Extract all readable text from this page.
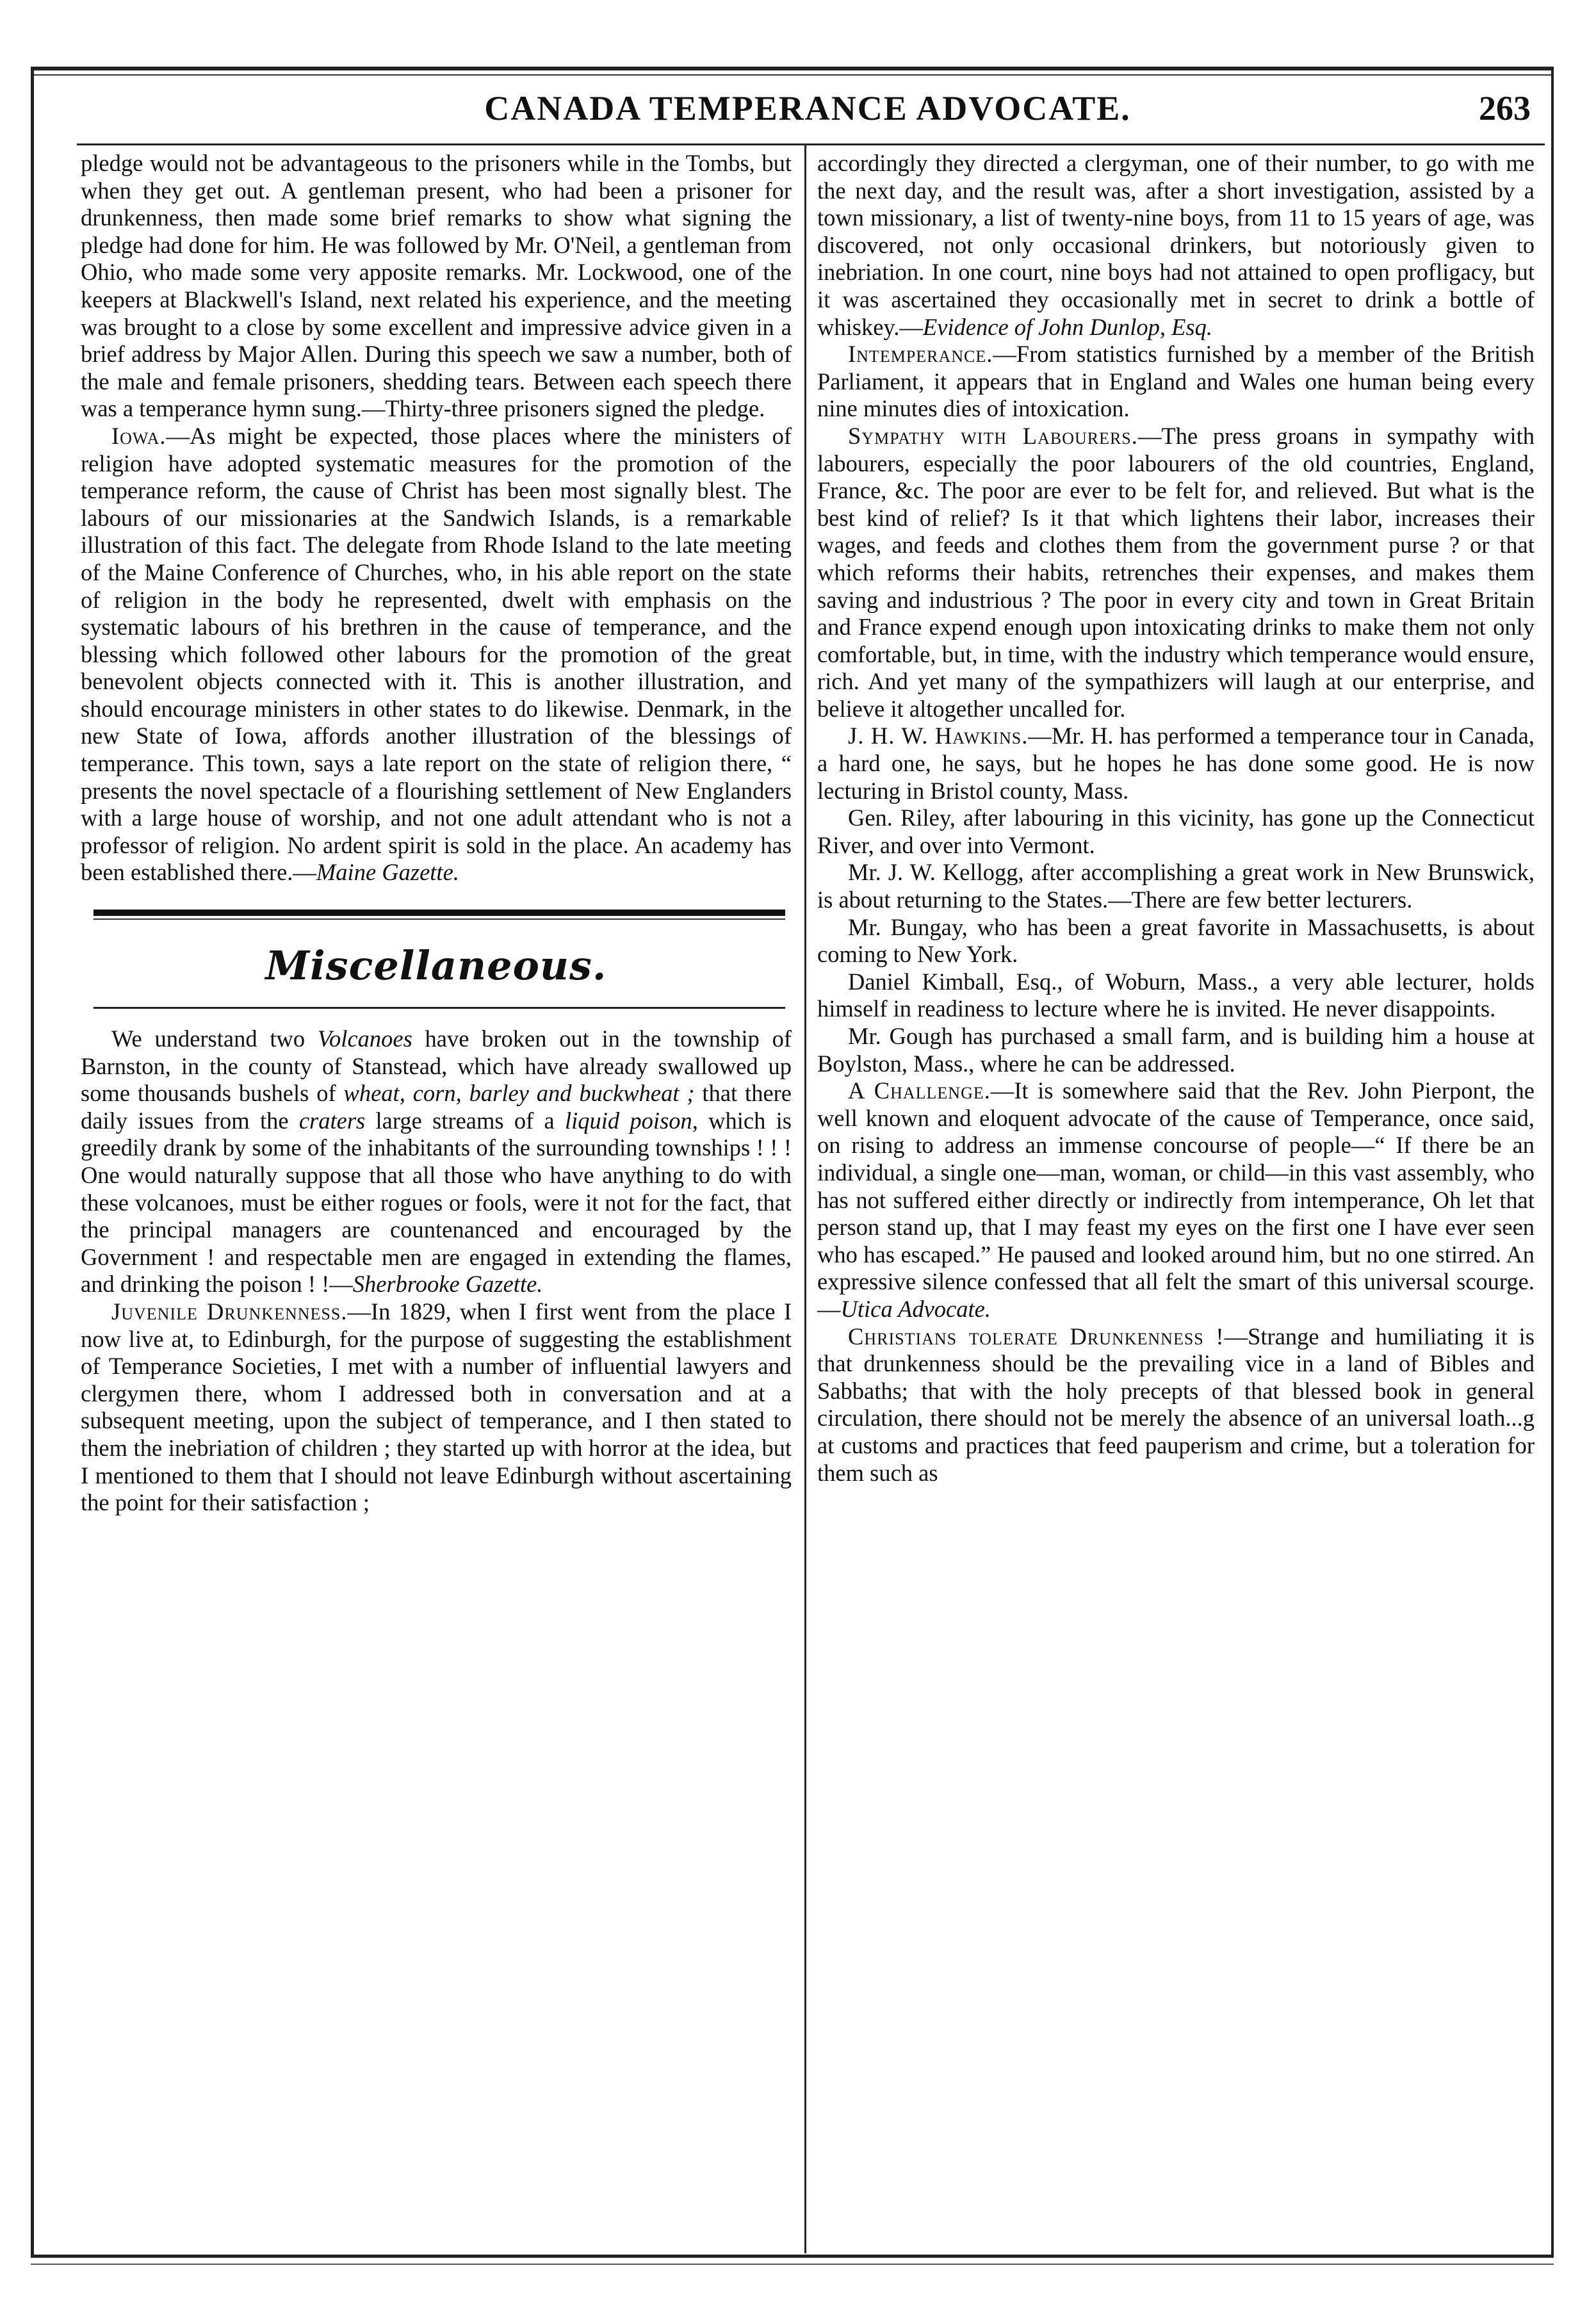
CANADA TEMPERANCE ADVOCATE.	263

pledge would not be advantageous to the prisoners while in the Tombs, but when they get out. A gentleman present, who had been a prisoner for drunkenness, then made some brief remarks to show what signing the pledge had done for him. He was followed by Mr. O'Neil, a gentleman from Ohio, who made some very apposite remarks. Mr. Lockwood, one of the keepers at Blackwell's Island, next related his experience, and the meeting was brought to a close by some excellent and impressive advice given in a brief address by Major Allen. During this speech we saw a number, both of the male and female prisoners, shedding tears. Between each speech there was a temperance hymn sung.—Thirty-three prisoners signed the pledge.

Iowa.—As might be expected, those places where the ministers of religion have adopted systematic measures for the promotion of the temperance reform, the cause of Christ has been most signally blest. The labours of our missionaries at the Sandwich Islands, is a remarkable illustration of this fact. The delegate from Rhode Island to the late meeting of the Maine Conference of Churches, who, in his able report on the state of religion in the body he represented, dwelt with emphasis on the systematic labours of his brethren in the cause of temperance, and the blessing which followed other labours for the promotion of the great benevolent objects connected with it. This is another illustration, and should encourage ministers in other states to do likewise. Denmark, in the new State of Iowa, affords another illustration of the blessings of temperance. This town, says a late report on the state of religion there, “ presents the novel spectacle of a flourishing settlement of New Englanders with a large house of worship, and not one adult attendant who is not a professor of religion. No ardent spirit is sold in the place. An academy has been established there.—Maine Gazette.

Miscellaneous.

We understand two Volcanoes have broken out in the township of Barnston, in the county of Stanstead, which have already swallowed up some thousands bushels of wheat, corn, barley and buckwheat ; that there daily issues from the craters large streams of a liquid poison, which is greedily drank by some of the inhabitants of the surrounding townships ! ! ! One would naturally suppose that all those who have anything to do with these volcanoes, must be either rogues or fools, were it not for the fact, that the principal managers are countenanced and encouraged by the Government ! and respectable men are engaged in extending the flames, and drinking the poison ! !—Sherbrooke Gazette.

Juvenile Drunkenness.—In 1829, when I first went from the place I now live at, to Edinburgh, for the purpose of suggesting the establishment of Temperance Societies, I met with a number of influential lawyers and clergymen there, whom I addressed both in conversation and at a subsequent meeting, upon the subject of temperance, and I then stated to them the inebriation of children ; they started up with horror at the idea, but I mentioned to them that I should not leave Edinburgh without ascertaining the point for their satisfaction ;

accordingly they directed a clergyman, one of their number, to go with me the next day, and the result was, after a short investigation, assisted by a town missionary, a list of twenty-nine boys, from 11 to 15 years of age, was discovered, not only occasional drinkers, but notoriously given to inebriation. In one court, nine boys had not attained to open profligacy, but it was ascertained they occasionally met in secret to drink a bottle of whiskey.—Evidence of John Dunlop, Esq.

Intemperance.—From statistics furnished by a member of the British Parliament, it appears that in England and Wales one human being every nine minutes dies of intoxication.

Sympathy with Labourers.—The press groans in sympathy with labourers, especially the poor labourers of the old countries, England, France, &c. The poor are ever to be felt for, and relieved. But what is the best kind of relief? Is it that which lightens their labor, increases their wages, and feeds and clothes them from the government purse ? or that which reforms their habits, retrenches their expenses, and makes them saving and industrious ? The poor in every city and town in Great Britain and France expend enough upon intoxicating drinks to make them not only comfortable, but, in time, with the industry which temperance would ensure, rich. And yet many of the sympathizers will laugh at our enterprise, and believe it altogether uncalled for.

J. H. W. Hawkins.—Mr. H. has performed a temperance tour in Canada, a hard one, he says, but he hopes he has done some good. He is now lecturing in Bristol county, Mass.

Gen. Riley, after labouring in this vicinity, has gone up the Connecticut River, and over into Vermont.

Mr. J. W. Kellogg, after accomplishing a great work in New Brunswick, is about returning to the States.—There are few better lecturers.

Mr. Bungay, who has been a great favorite in Massachusetts, is about coming to New York.

Daniel Kimball, Esq., of Woburn, Mass., a very able lecturer, holds himself in readiness to lecture where he is invited. He never disappoints.

Mr. Gough has purchased a small farm, and is building him a house at Boylston, Mass., where he can be addressed.

A Challenge.—It is somewhere said that the Rev. John Pierpont, the well known and eloquent advocate of the cause of Temperance, once said, on rising to address an immense concourse of people—“ If there be an individual, a single one—man, woman, or child—in this vast assembly, who has not suffered either directly or indirectly from intemperance, Oh let that person stand up, that I may feast my eyes on the first one I have ever seen who has escaped.” He paused and looked around him, but no one stirred. An expressive silence confessed that all felt the smart of this universal scourge.—Utica Advocate.

Christians tolerate Drunkenness !—Strange and humiliating it is that drunkenness should be the prevailing vice in a land of Bibles and Sabbaths; that with the holy precepts of that blessed book in general circulation, there should not be merely the absence of an universal loath...g at customs and practices that feed pauperism and crime, but a toleration for them such as
